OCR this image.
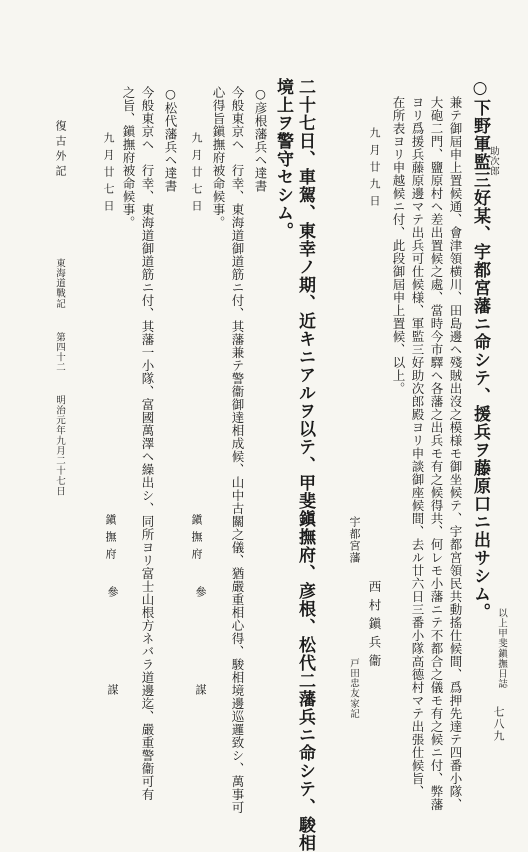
以上甲斐鎭撫日誌
七八九
○下野軍監三好某、宇都宮藩ニ命シテ、援兵ヲ藤原口ニ出サシム。
助次郎
兼テ御屆申上置候通、會津領横川、田島邊ヘ殘賊出沒之模様モ御坐候テ、宇都宮領民共動搖仕候間、爲押先達テ四番小隊、
大砲二門、鹽原村ヘ差出置候之處、當時今市驛ヘ各藩之出兵モ有之候得共、何レモ小藩ニテ不都合之儀モ有之候ニ付、弊藩
ヨリ爲援兵藤原邊マテ出兵可仕候様、軍監三好助次郎殿ヨリ申談御座候間、去ル廿六日三番小隊高德村マテ出張仕候旨、
在所表ヨリ申越候ニ付、此段御屆申上置候、以上。
九月廿九日
宇都宮藩
西村鎭兵衞
戸田忠友家記
二十七日、車駕、東幸ノ期、近キニアルヲ以テ、甲斐鎭撫府、彦根、松代二藩兵ニ命シテ、駿相
境上ヲ警守セシム。
○彦根藩兵ヘ達書
今般東京ヘ　行幸、東海道御道筋ニ付、其藩兼テ警衞御達相成候、山中古關之儀、猶嚴重相心得、駿相境邊巡邏致シ、萬事可
心得旨鎭撫府被命候事。
九月廿七日
鎭撫府
參
謀
○松代藩兵ヘ達書
今般東京ヘ　行幸、東海道御道筋ニ付、其藩一小隊、富國萬澤ヘ繰出シ、同所ヨリ富士山根方ネバラ道邊迄、嚴重警衞可有
之旨、鎭撫府被命候事。
九月廿七日
鎭撫府
參
謀
復古外記
東海道戰記
第四十二
明治元年九月二十七日
